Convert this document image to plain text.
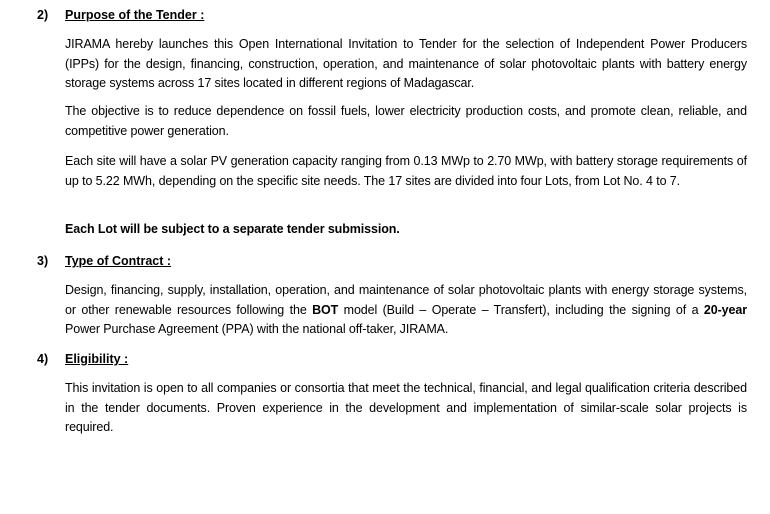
2) Purpose of the Tender :
JIRAMA hereby launches this Open International Invitation to Tender for the selection of Independent Power Producers (IPPs) for the design, financing, construction, operation, and maintenance of solar photovoltaic plants with battery energy storage systems across 17 sites located in different regions of Madagascar.
The objective is to reduce dependence on fossil fuels, lower electricity production costs, and promote clean, reliable, and competitive power generation.
Each site will have a solar PV generation capacity ranging from 0.13 MWp to 2.70 MWp, with battery storage requirements of up to 5.22 MWh, depending on the specific site needs. The 17 sites are divided into four Lots, from Lot No. 4 to 7.
Each Lot will be subject to a separate tender submission.
3) Type of Contract :
Design, financing, supply, installation, operation, and maintenance of solar photovoltaic plants with energy storage systems, or other renewable resources following the BOT model (Build – Operate – Transfert), including the signing of a 20-year Power Purchase Agreement (PPA) with the national off-taker, JIRAMA.
4) Eligibility :
This invitation is open to all companies or consortia that meet the technical, financial, and legal qualification criteria described in the tender documents. Proven experience in the development and implementation of similar-scale solar projects is required.
